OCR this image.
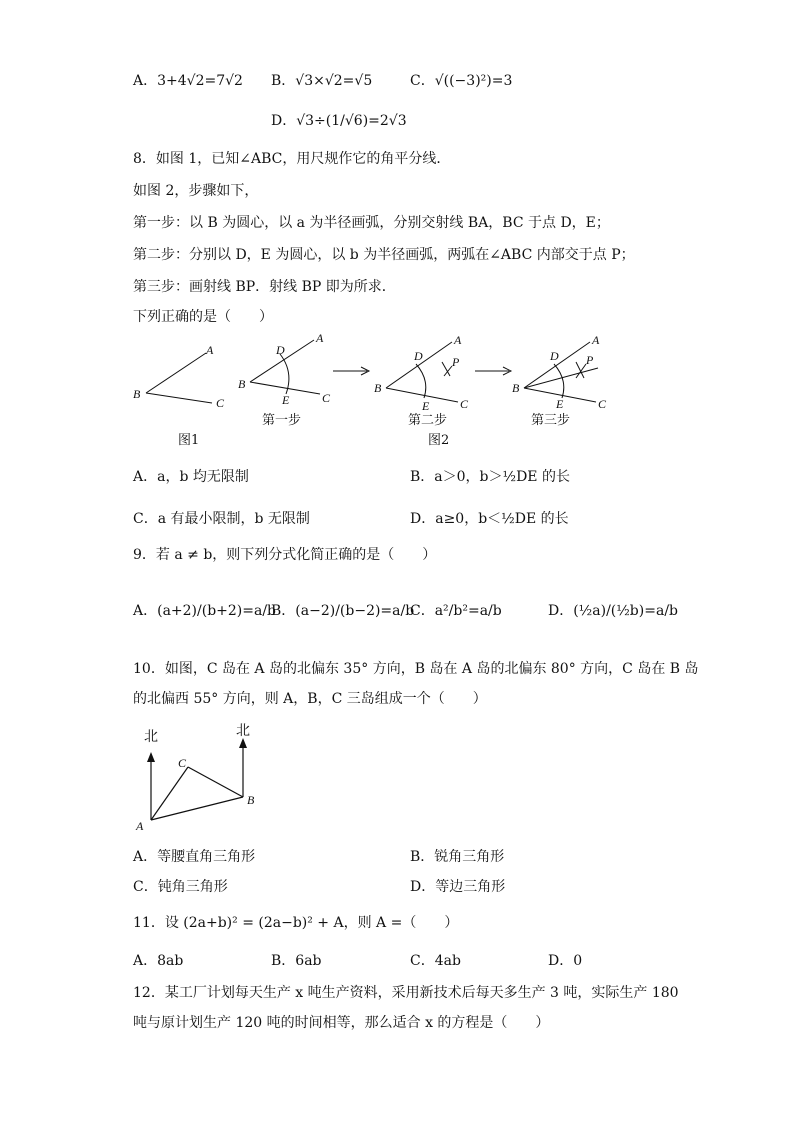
A．3+4√2=7√2 B．√3×√2=√5	C．√((−3)²)=3
D．√3÷(1/√6)=2√3
8．如图 1，已知∠ABC，用尺规作它的角平分线．
如图 2，步骤如下，
第一步：以 B 为圆心，以 a 为半径画弧，分别交射线 BA，BC 于点 D，E；
第二步：分别以 D，E 为圆心，以 b 为半径画弧，两弧在∠ABC 内部交于点 P；
第三步：画射线 BP．射线 BP 即为所求．
下列正确的是（　　）
A
B
C
图1
A
B
C
D
E
A
B
C
D
E
P
A
B
C
D
E
P
第一步	第二步	第三步
图2
A．a，b 均无限制	B．a＞0，b＞½DE 的长
C．a 有最小限制，b 无限制	D．a≥0，b＜½DE 的长
9．若 a ≠ b，则下列分式化简正确的是（　　）
A．(a+2)/(b+2)=a/b
B．(a−2)/(b−2)=a/b
C．a²/b²=a/b	D．(½a)/(½b)=a/b
10．如图，C 岛在 A 岛的北偏东 35° 方向，B 岛在 A 岛的北偏东 80° 方向，C 岛在 B 岛
的北偏西 55° 方向，则 A，B，C 三岛组成一个（　　）
A
B
C
北	北
A．等腰直角三角形	B．锐角三角形
C．钝角三角形	D．等边三角形
11．设 (2a+b)² = (2a−b)² + A，则 A =（　　）
A．8ab	B．6ab	C．4ab	D．0
12．某工厂计划每天生产 x 吨生产资料，采用新技术后每天多生产 3 吨，实际生产 180
吨与原计划生产 120 吨的时间相等，那么适合 x 的方程是（　　）
